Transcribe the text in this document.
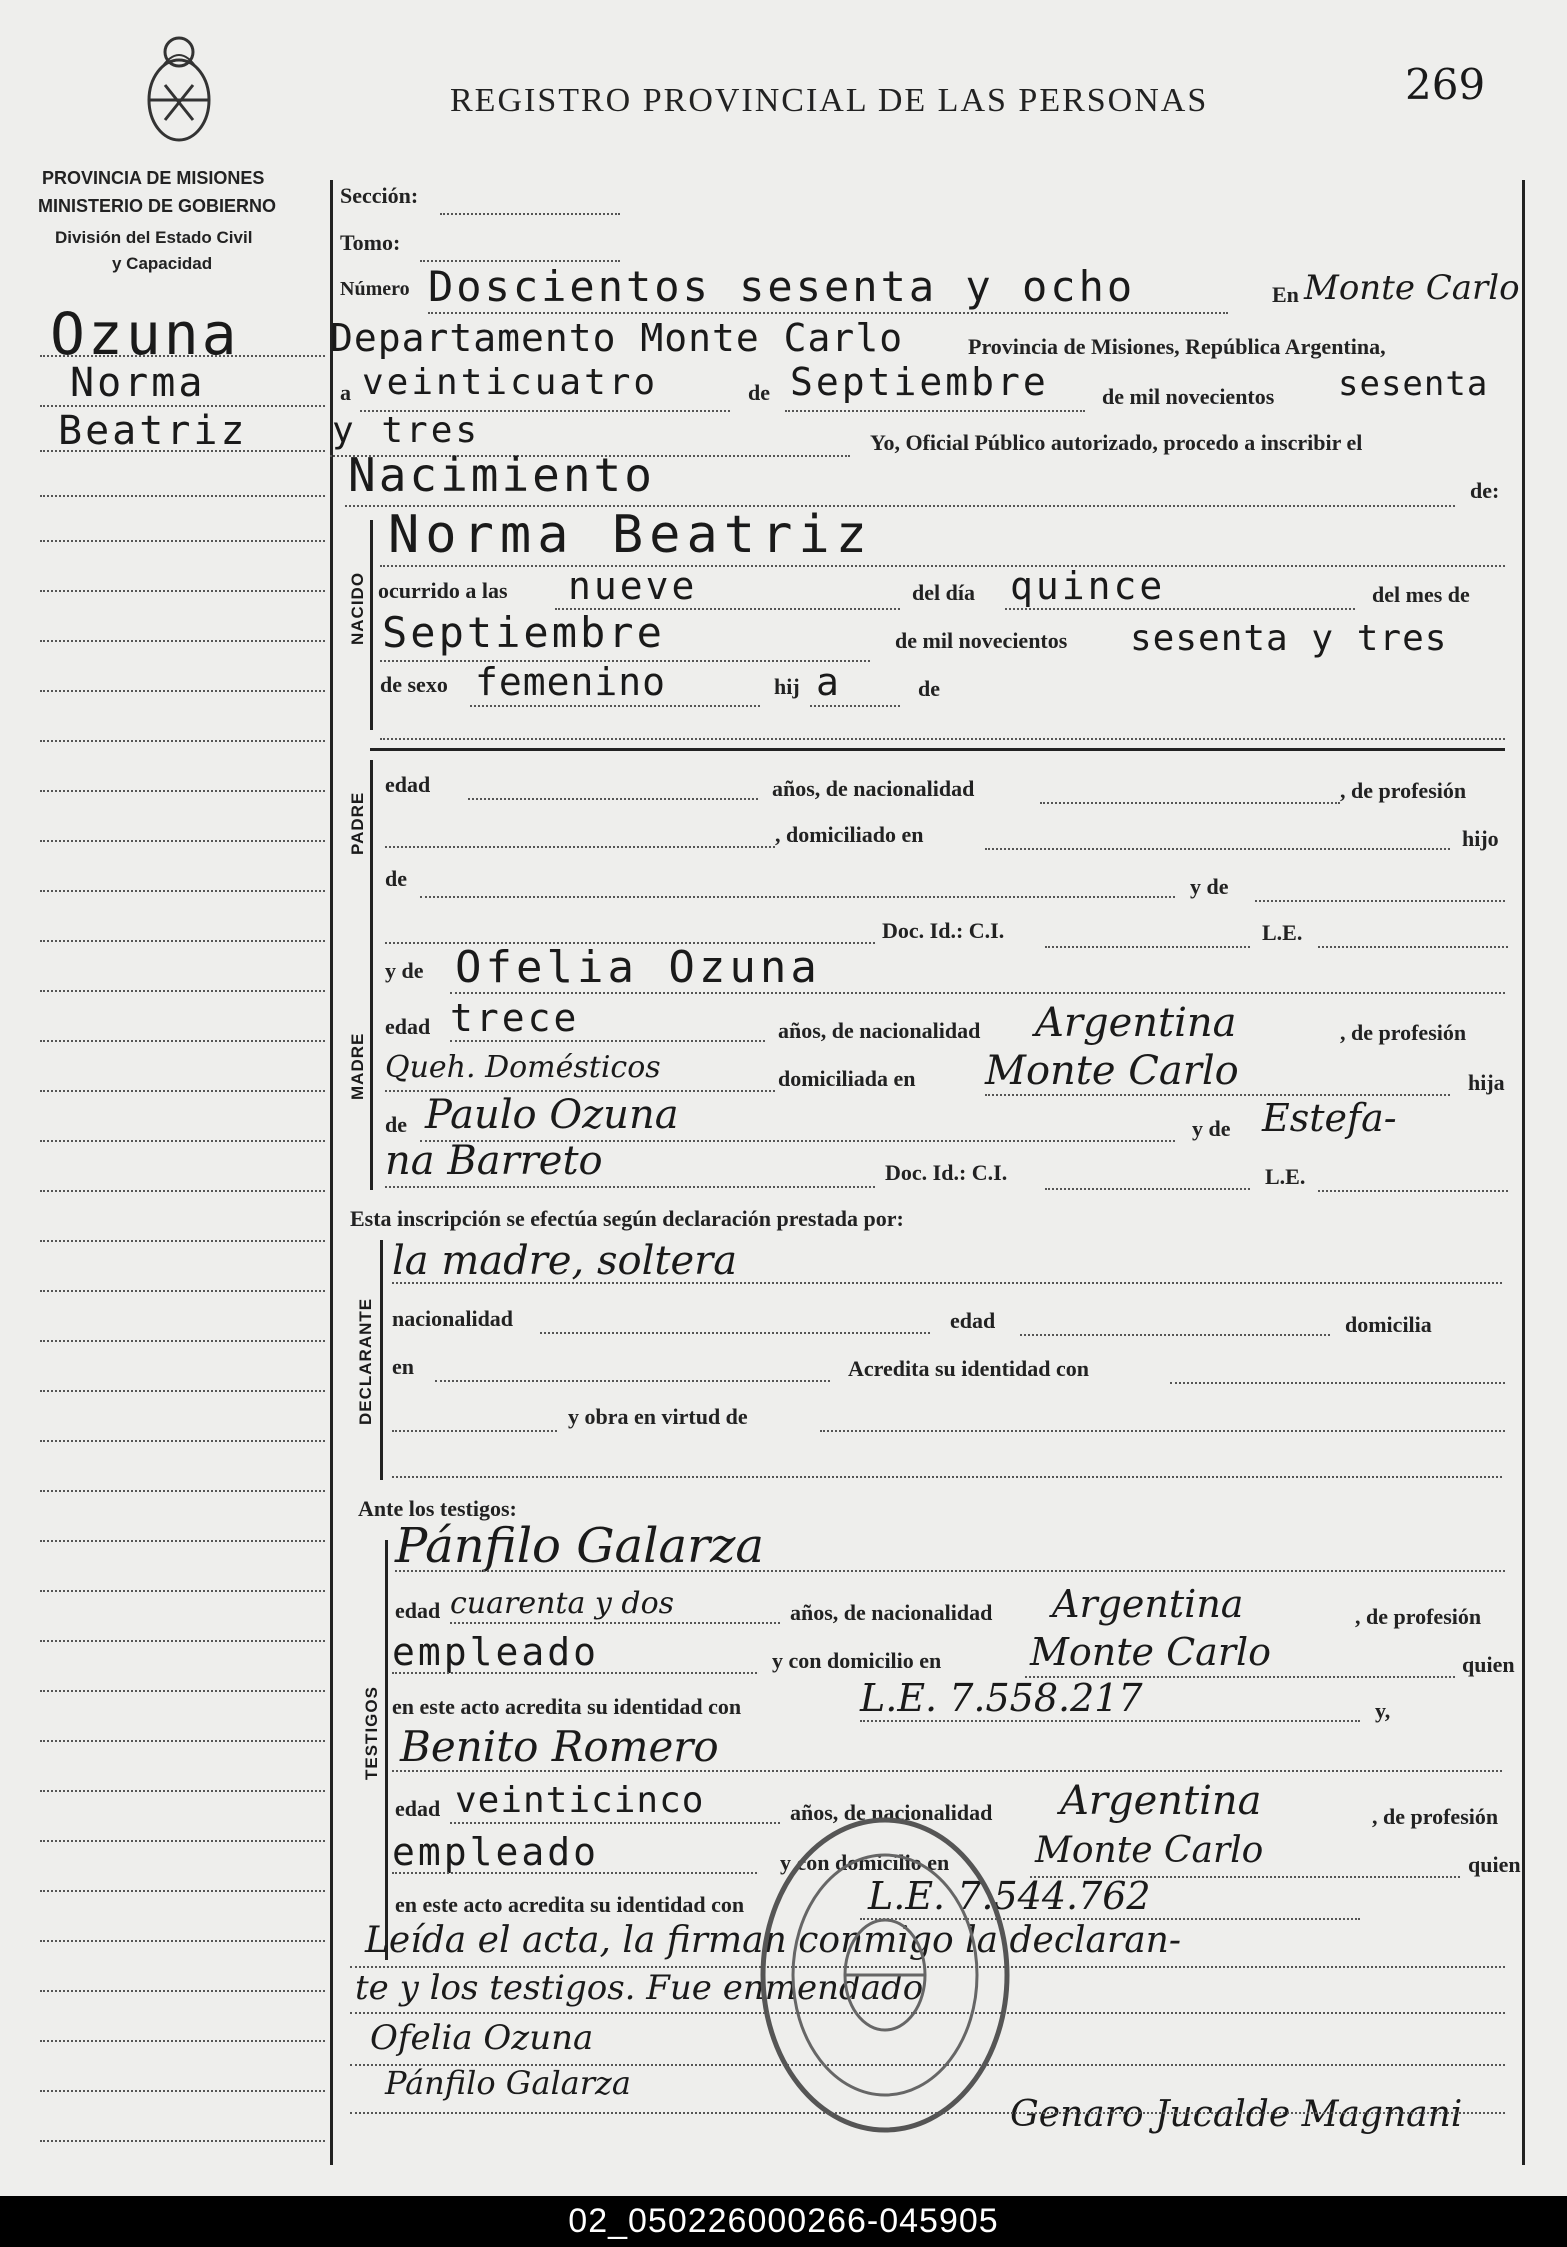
REGISTRO PROVINCIAL DE LAS PERSONAS	269
PROVINCIA DE MISIONES
MINISTERIO DE GOBIERNO
División del Estado Civil
y Capacidad
Ozuna
Norma
Beatriz
Sección:
Tomo:
Número Doscientos sesenta y ocho	En Monte Carlo
Departamento Monte Carlo	Provincia de Misiones, República Argentina,
a veinticuatro	de Septiembre de mil novecientos sesenta
y tres	Yo, Oficial Público autorizado, procedo a inscribir el
Nacimiento	de:
NACIDO
Norma Beatriz
ocurrido a las nueve	del día quince	del mes de
Septiembre	de mil novecientos sesenta y tres
de sexo femenino	hij a	de
PADRE
edad	años, de nacionalidad	, de profesión
, domiciliado en	hijo
de	y de
Doc. Id.: C.I.	L.E.
MADRE
y de Ofelia Ozuna
edad trece	años, de nacionalidad Argentina	, de profesión
Queh. Domésticos	domiciliada en Monte Carlo	hija
de Paulo Ozuna	y de Estefa-
na Barreto	Doc. Id.: C.I.	L.E.
Esta inscripción se efectúa según declaración prestada por:
DECLARANTE
la madre, soltera
nacionalidad	edad	domicilia
en	Acredita su identidad con
y obra en virtud de
Ante los testigos:
TESTIGOS
Pánfilo Galarza
edad cuarenta y dos	años, de nacionalidad Argentina	, de profesión
empleado	y con domicilio en Monte Carlo	quien
en este acto acredita su identidad con	L.E. 7.558.217	y,
Benito Romero
edad veinticinco	años, de nacionalidad Argentina	, de profesión
empleado	y con domicilio en Monte Carlo	quien
en este acto acredita su identidad con	L.E. 7.544.762
Leída el acta, la firman conmigo la declaran-
te y los testigos. Fue enmendado
Ofelia Ozuna
Pánfilo Galarza
Genaro Jucalde Magnani
02_050226000266-045905
